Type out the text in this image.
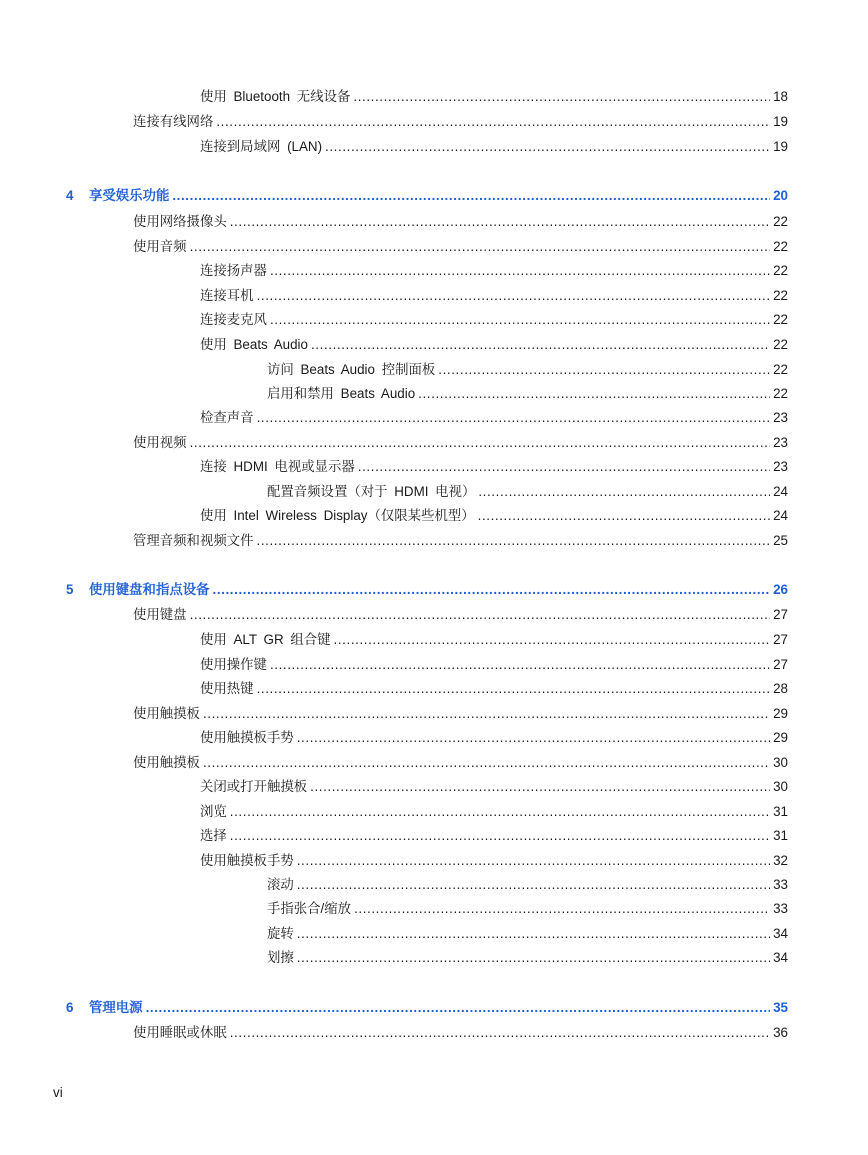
使用 Bluetooth 无线设备 .....	18
连接有线网络 .....	19
连接到局域网 (LAN) .....	19
4	享受娱乐功能 .....	20
使用网络摄像头 .....	22
使用音频 .....	22
连接扬声器 .....	22
连接耳机 .....	22
连接麦克风 .....	22
使用 Beats Audio .....	22
访问 Beats Audio 控制面板 .....	22
启用和禁用 Beats Audio .....	22
检查声音 .....	23
使用视频 .....	23
连接 HDMI 电视或显示器 .....	23
配置音频设置（对于 HDMI 电视） .....	24
使用 Intel Wireless Display（仅限某些机型） .....	24
管理音频和视频文件 .....	25
5	使用键盘和指点设备 .....	26
使用键盘 .....	27
使用 ALT GR 组合键 .....	27
使用操作键 .....	27
使用热键 .....	28
使用触摸板 .....	29
使用触摸板手势 .....	29
使用触摸板 .....	30
关闭或打开触摸板 .....	30
浏览 .....	31
选择 .....	31
使用触摸板手势 .....	32
滚动 .....	33
手指张合/缩放 .....	33
旋转 .....	34
划擦 .....	34
6	管理电源 .....	35
使用睡眠或休眠 .....	36
vi
